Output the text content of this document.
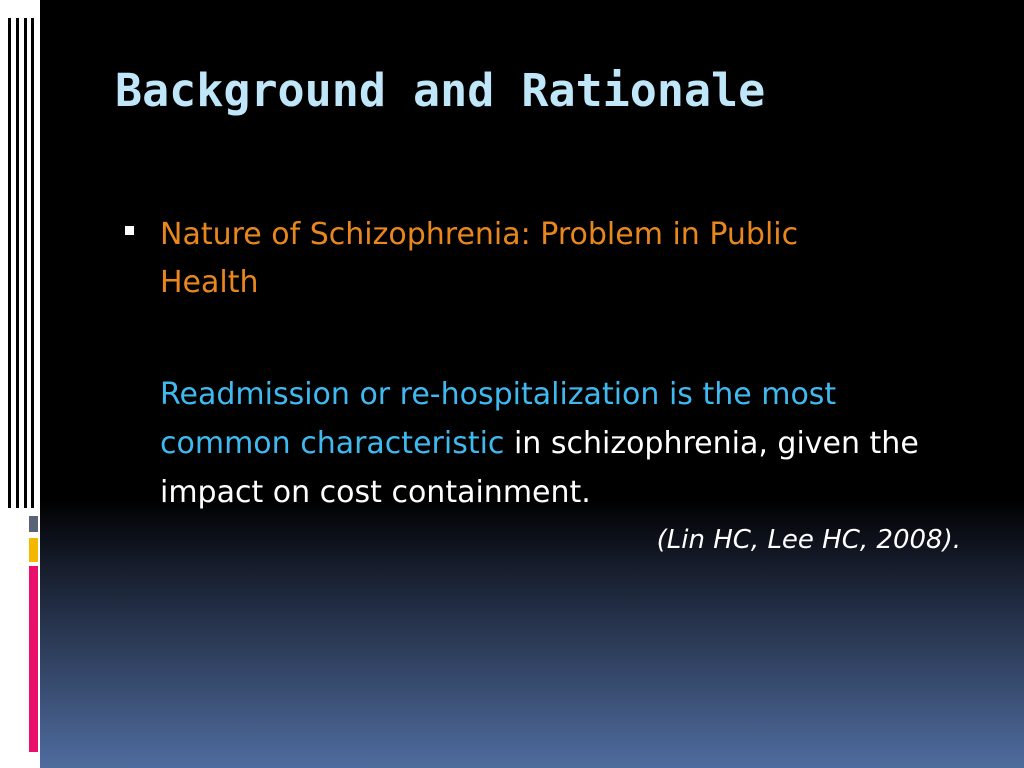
Background and Rationale
Nature of Schizophrenia: Problem in Public Health
Readmission or re-hospitalization is the most common characteristic in schizophrenia, given the impact on cost containment.
(Lin HC, Lee HC, 2008).
